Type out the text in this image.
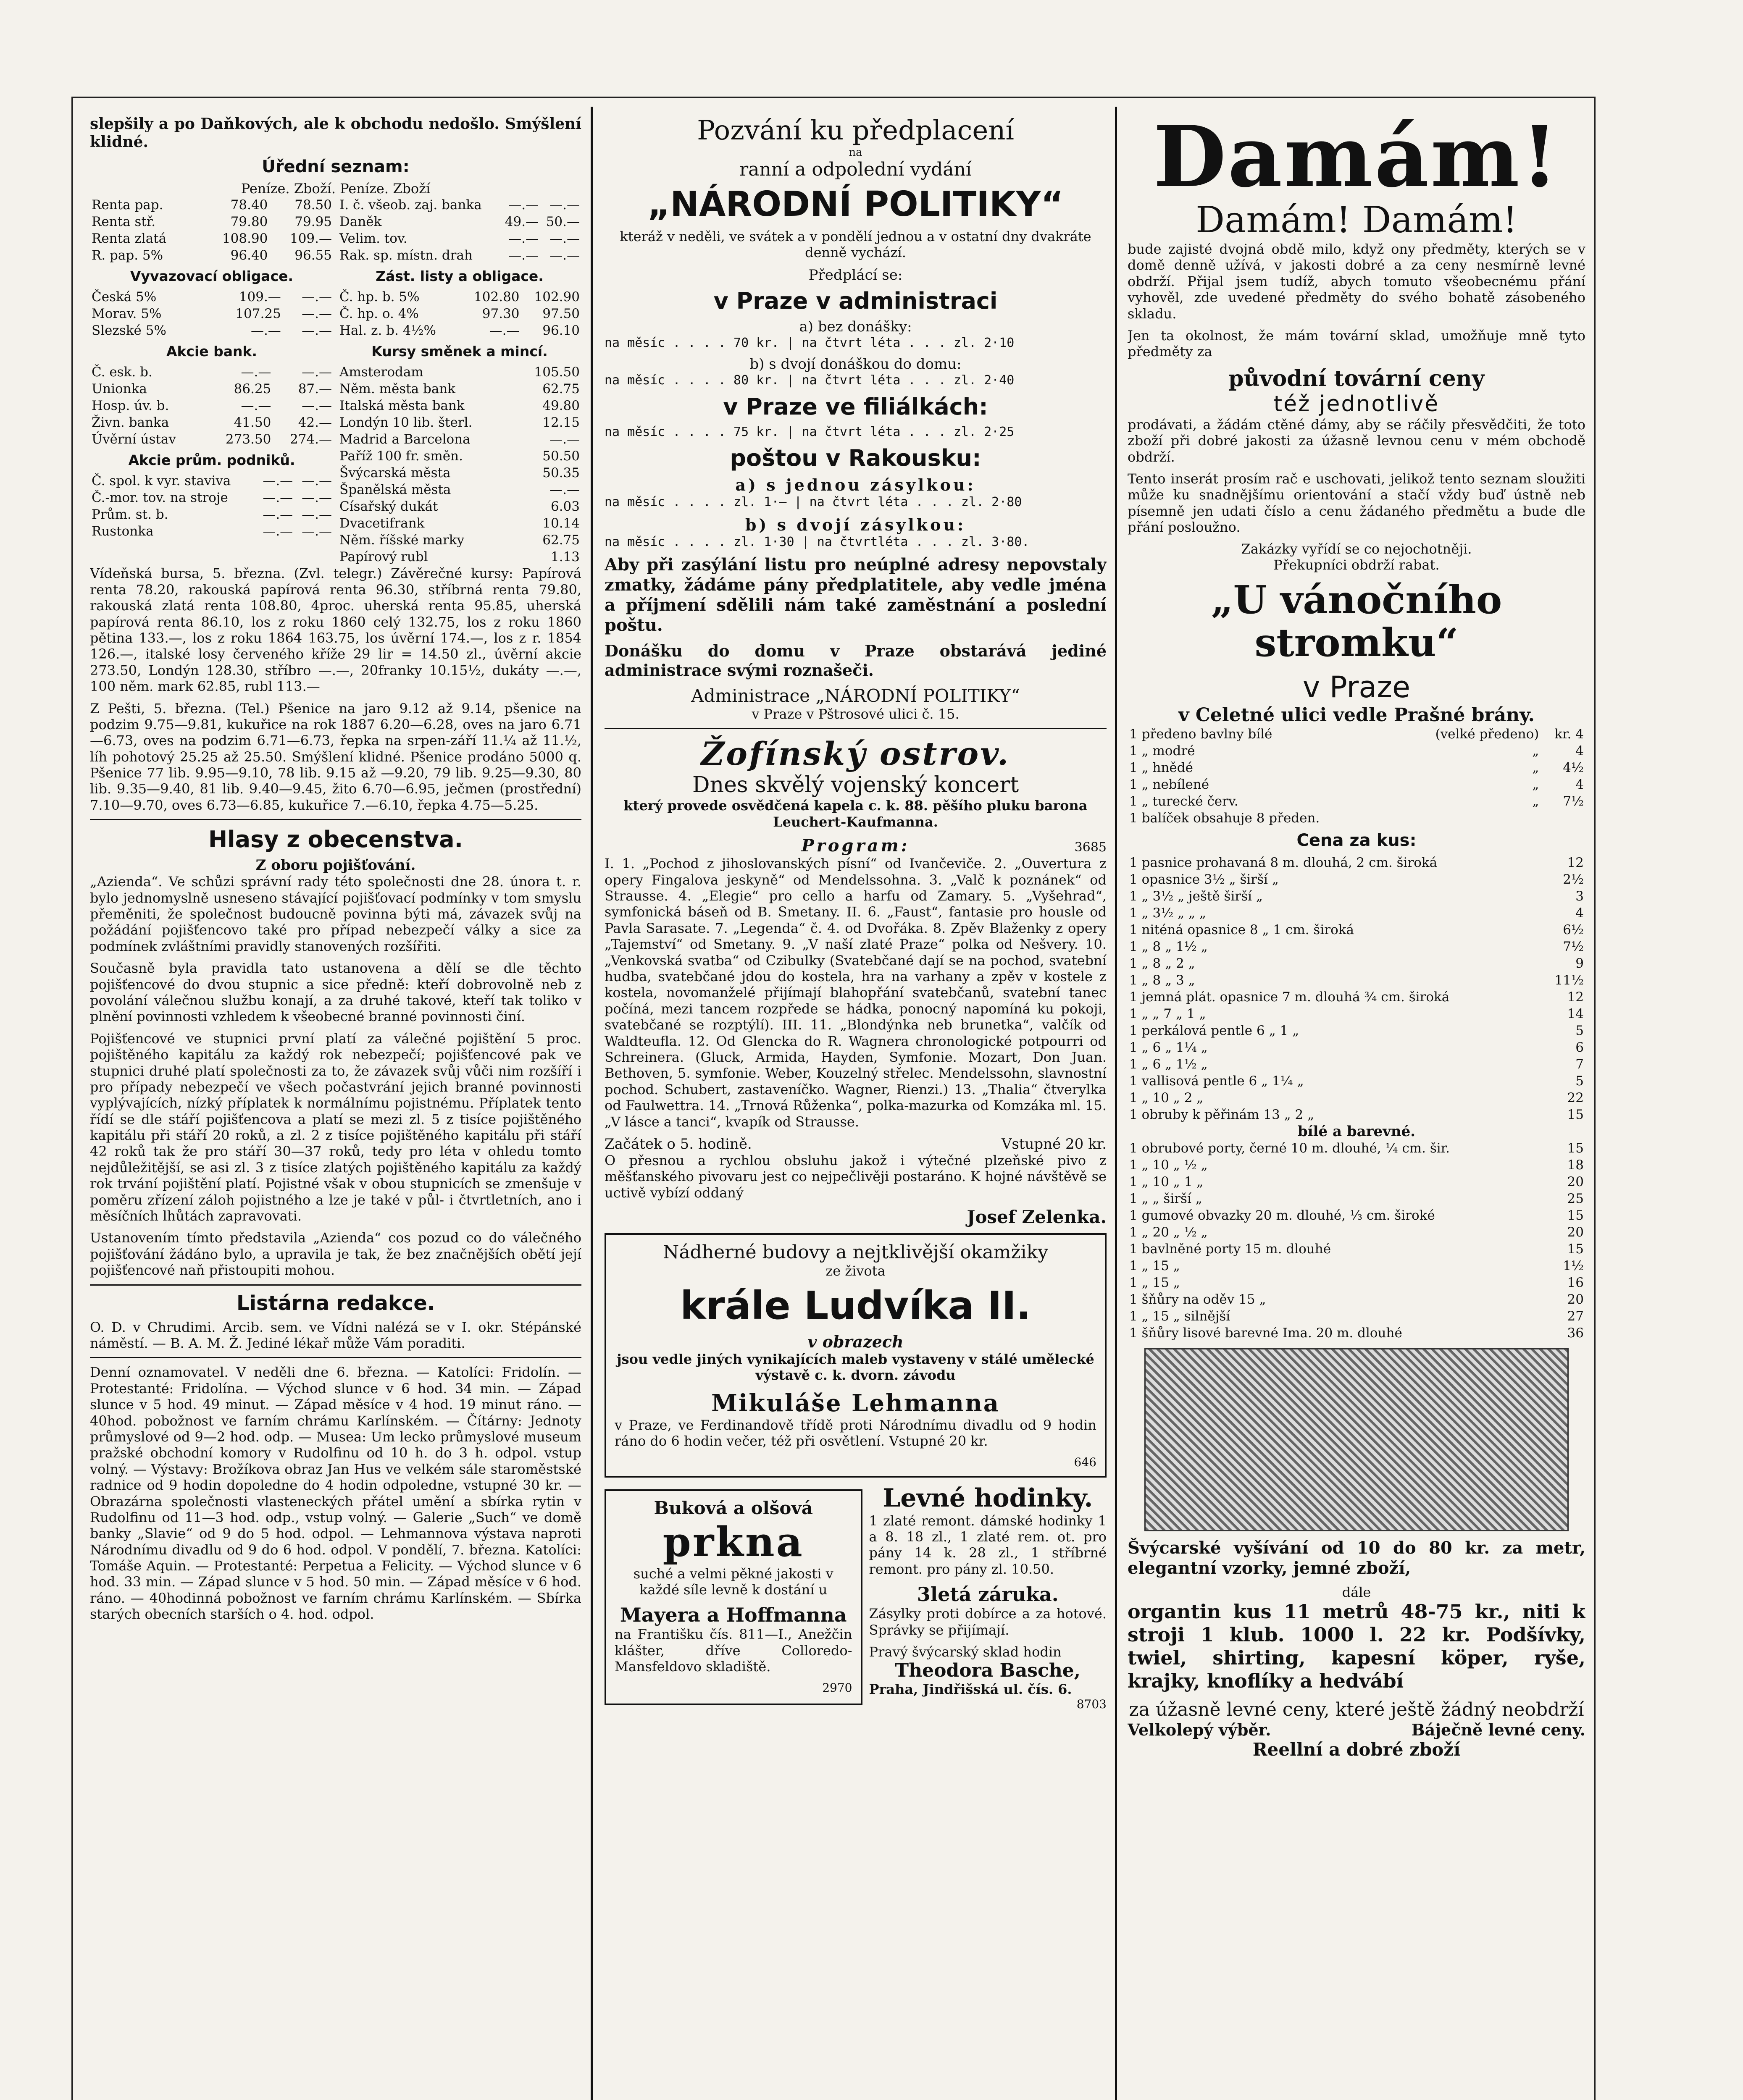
slepšily a po Daňkových, ale k obchodu nedošlo. Smýšlení klidné.

Úřední seznam:
Peníze. Zboží. Peníze. Zboží
Renta pap.	78.40	78.50
Renta stř.	79.80	79.95
Renta zlatá	108.90	109.—
R. pap. 5%	96.40	96.55
Vyvazovací obligace.
Česká 5%	109.—	—.—
Morav. 5%	107.25	—.—
Slezské 5%	—.—	—.—
Akcie bank.
Č. esk. b.	—.—	—.—
Unionka	86.25	87.—
Hosp. úv. b.	—.—	—.—
Živn. banka	41.50	42.—
Úvěrní ústav	273.50	274.—
Akcie prům. podniků.
Č. spol. k vyr. staviva	—.—	—.—
Č.-mor. tov. na stroje	—.—	—.—
Prům. st. b.	—.—	—.—
Rustonka	—.—	—.—
I. č. všeob. zaj. banka	—.—	—.—
Daněk	49.—	50.—
Velim. tov.	—.—	—.—
Rak. sp. místn. drah	—.—	—.—
Zást. listy a obligace.
Č. hp. b. 5%	102.80	102.90
Č. hp. o. 4%	97.30	97.50
Hal. z. b. 4½%	—.—	96.10
Kursy směnek a mincí.
Amsterodam	105.50
Něm. města bank	62.75
Italská města bank	49.80
Londýn 10 lib. šterl.	12.15
Madrid a Barcelona	—.—
Paříž 100 fr. směn.	50.50
Švýcarská města	50.35
Španělská města	—.—
Císařský dukát	6.03
Dvacetifrank	10.14
Něm. říšské marky	62.75
Papírový rubl	1.13

Vídeňská bursa, 5. března. (Zvl. telegr.) Závěrečné kursy: Papírová renta 78.20, rakouská papírová renta 96.30, stříbrná renta 79.80, rakouská zlatá renta 108.80, 4proc. uherská renta 95.85, uherská papírová renta 86.10, los z roku 1860 celý 132.75, los z roku 1860 pětina 133.—, los z roku 1864 163.75, los úvěrní 174.—, los z r. 1854 126.—, italské losy červeného kříže 29 lir = 14.50 zl., úvěrní akcie 273.50, Londýn 128.30, stříbro —.—, 20franky 10.15½, dukáty —.—, 100 něm. mark 62.85, rubl 113.—

Z Pešti, 5. března. (Tel.) Pšenice na jaro 9.12 až 9.14, pšenice na podzim 9.75—9.81, kukuřice na rok 1887 6.20—6.28, oves na jaro 6.71—6.73, oves na podzim 6.71—6.73, řepka na srpen-září 11.¼ až 11.½, líh pohotový 25.25 až 25.50. Smýšlení klidné. Pšenice prodáno 5000 q. Pšenice 77 lib. 9.95—9.10, 78 lib. 9.15 až —9.20, 79 lib. 9.25—9.30, 80 lib. 9.35—9.40, 81 lib. 9.40—9.45, žito 6.70—6.95, ječmen (prostřední) 7.10—9.70, oves 6.73—6.85, kukuřice 7.—6.10, řepka 4.75—5.25.

Hlasy z obecenstva.
Z oboru pojišťování.

„Azienda“. Ve schůzi správní rady této společnosti dne 28. února t. r. bylo jednomyslně usneseno stávající pojišťovací podmínky v tom smyslu přeměniti, že společnost budoucně povinna býti má, závazek svůj na požádání pojišťencovo také pro případ nebezpečí války a sice za podmínek zvláštními pravidly stanovených rozšířiti.

Současně byla pravidla tato ustanovena a dělí se dle těchto pojišťencové do dvou stupnic a sice předně: kteří dobrovolně neb z povolání válečnou službu konají, a za druhé takové, kteří tak toliko v plnění povinnosti vzhledem k všeobecné branné povinnosti činí.

Pojišťencové ve stupnici první platí za válečné pojištění 5 proc. pojištěného kapitálu za každý rok nebezpečí; pojišťencové pak ve stupnici druhé platí společnosti za to, že závazek svůj vůči nim rozšíří i pro případy nebezpečí ve všech počastvrání jejich branné povinnosti vyplývajících, nízký příplatek k normálnímu pojistnému. Příplatek tento řídí se dle stáří pojišťencova a platí se mezi zl. 5 z tisíce pojištěného kapitálu při stáří 20 roků, a zl. 2 z tisíce pojištěného kapitálu při stáří 42 roků tak že pro stáří 30—37 roků, tedy pro léta v ohledu tomto nejdůležitější, se asi zl. 3 z tisíce zlatých pojištěného kapitálu za každý rok trvání pojištění platí. Pojistné však v obou stupnicích se zmenšuje v poměru zřízení záloh pojistného a lze je také v půl- i čtvrtletních, ano i měsíčních lhůtách zapravovati.

Ustanovením tímto představila „Azienda“ cos pozud co do válečného pojišťování žádáno bylo, a upravila je tak, že bez značnějších obětí její pojišťencové naň přistoupiti mohou.

Listárna redakce.

O. D. v Chrudimi. Arcib. sem. ve Vídni nalézá se v I. okr. Stépánské náměstí. — B. A. M. Ž. Jediné lékař může Vám poraditi.

Denní oznamovatel. V neděli dne 6. března. — Katolíci: Fridolín. — Protestanté: Fridolína. — Východ slunce v 6 hod. 34 min. — Západ slunce v 5 hod. 49 minut. — Západ měsíce v 4 hod. 19 minut ráno. — 40hod. pobožnost ve farním chrámu Karlínském. — Čítárny: Jednoty průmyslové od 9—2 hod. odp. — Musea: Um lecko průmyslové museum pražské obchodní komory v Rudolfinu od 10 h. do 3 h. odpol. vstup volný. — Výstavy: Brožíkova obraz Jan Hus ve velkém sále staroměstské radnice od 9 hodin dopoledne do 4 hodin odpoledne, vstupné 30 kr. — Obrazárna společnosti vlasteneckých přátel umění a sbírka rytin v Rudolfinu od 11—3 hod. odp., vstup volný. — Galerie „Such“ ve domě banky „Slavie“ od 9 do 5 hod. odpol. — Lehmannova výstava naproti Národnímu divadlu od 9 do 6 hod. odpol. V pondělí, 7. března. Katolíci: Tomáše Aquin. — Protestanté: Perpetua a Felicity. — Východ slunce v 6 hod. 33 min. — Západ slunce v 5 hod. 50 min. — Západ měsíce v 6 hod. ráno. — 40hodinná pobožnost ve farním chrámu Karlínském. — Sbírka starých obecních starších o 4. hod. odpol.

Pozvání ku předplacení
na
ranní a odpolední vydání
„NÁRODNÍ POLITIKY“

kteráž v neděli, ve svátek a v pondělí jednou a v ostatní dny dvakráte denně vychází.

Předplácí se:
v Praze v administraci
a) bez donášky:
na měsíc . . . . 70 kr. | na čtvrt léta . . . zl. 2·10
b) s dvojí donáškou do domu:
na měsíc . . . . 80 kr. | na čtvrt léta . . . zl. 2·40
v Praze ve filiálkách:
na měsíc . . . . 75 kr. | na čtvrt léta . . . zl. 2·25
poštou v Rakousku:
a) s jednou zásylkou:
na měsíc . . . . zl. 1·— | na čtvrt léta . . . zl. 2·80
b) s dvojí zásylkou:
na měsíc . . . . zl. 1·30 | na čtvrtléta . . . zl. 3·80.

Aby při zasýlání listu pro neúplné adresy nepovstaly zmatky, žádáme pány předplatitele, aby vedle jména a příjmení sdělili nám také zaměstnání a poslední poštu.

Donášku do domu v Praze obstarává jediné administrace svými roznašeči.

Administrace „NÁRODNÍ POLITIKY“
v Praze v Pštrosové ulici č. 15.
Žofínský ostrov.
Dnes skvělý vojenský koncert

který provede osvědčená kapela c. k. 88. pěšího pluku barona Leuchert-Kaufmanna.

Program:	3685

I. 1. „Pochod z jihoslovanských písní“ od Ivančeviče. 2. „Ouvertura z opery Fingalova jeskyně“ od Mendelssohna. 3. „Valč k poznánek“ od Strausse. 4. „Elegie“ pro cello a harfu od Zamary. 5. „Vyšehrad“, symfonická báseň od B. Smetany. II. 6. „Faust“, fantasie pro housle od Pavla Sarasate. 7. „Legenda“ č. 4. od Dvořáka. 8. Zpěv Blaženky z opery „Tajemství“ od Smetany. 9. „V naší zlaté Praze“ polka od Nešvery. 10. „Venkovská svatba“ od Czibulky (Svatebčané dají se na pochod, svatební hudba, svatebčané jdou do kostela, hra na varhany a zpěv v kostele z kostela, novomanželé přijímají blahopřání svatebčanů, svatební tanec počíná, mezi tancem rozpřede se hádka, ponocný napomíná ku pokoji, svatebčané se rozptýlí). III. 11. „Blondýnka neb brunetka“, valčík od Waldteufla. 12. Od Glencka do R. Wagnera chronologické potpourri od Schreinera. (Gluck, Armida, Hayden, Symfonie. Mozart, Don Juan. Bethoven, 5. symfonie. Weber, Kouzelný střelec. Mendelssohn, slavnostní pochod. Schubert, zastaveníčko. Wagner, Rienzi.) 13. „Thalia“ čtverylka od Faulwettra. 14. „Trnová Růženka“, polka-mazurka od Komzáka ml. 15. „V lásce a tanci“, kvapík od Strausse.

Začátek o 5. hodině.	Vstupné 20 kr.

O přesnou a rychlou obsluhu jakož i výtečné plzeňské pivo z měšťanského pivovaru jest co nejpečlivěji postaráno. K hojné návštěvě se uctivě vybízí oddaný

Josef Zelenka.
Nádherné budovy a nejtklivější okamžiky
ze života
krále Ludvíka II.
v obrazech

jsou vedle jiných vynikajících maleb vystaveny v stálé umělecké výstavě c. k. dvorn. závodu

Mikuláše Lehmanna

v Praze, ve Ferdinandově třídě proti Národnímu divadlu od 9 hodin ráno do 6 hodin večer, též při osvětlení. Vstupné 20 kr.

646
Buková a olšová
prkna

suché a velmi pěkné jakosti v každé síle levně k dostání u

Mayera a Hoffmanna

na Františku čís. 811—I., Anežčin klášter, dříve Colloredo-Mansfeldovo skladiště.

2970
Levné hodinky.

1 zlaté remont. dámské hodinky 1 a 8. 18 zl., 1 zlaté rem. ot. pro pány 14 k. 28 zl., 1 stříbrné remont. pro pány zl. 10.50.

3letá záruka.

Zásylky proti dobírce a za hotové. Správky se přijímají.

Pravý švýcarský sklad hodin
Theodora Basche,
Praha, Jindřišská ul. čís. 6.
8703
Damám!
Damám! Damám!

bude zajisté dvojná obdě milo, když ony předměty, kterých se v domě denně užívá, v jakosti dobré a za ceny nesmírně levné obdrží. Přijal jsem tudíž, abych tomuto všeobecnému přání vyhověl, zde uvedené předměty do svého bohatě zásobeného skladu.

Jen ta okolnost, že mám tovární sklad, umožňuje mně tyto předměty za

původní tovární ceny
též jednotlivě

prodávati, a žádám ctěné dámy, aby se ráčily přesvědčiti, že toto zboží při dobré jakosti za úžasně levnou cenu v mém obchodě obdrží.

Tento inserát prosím rač e uschovati, jelikož tento seznam sloužiti může ku snadnějšímu orientování a stačí vždy buď ústně neb písemně jen udati číslo a cenu žádaného předmětu a bude dle přání posloužno.

Zakázky vyřídí se co nejochotněji.
Překupníci obdrží rabat.
„U vánočního stromku“
v Praze
v Celetné ulici vedle Prašné brány.
1 předeno bavlny bílé	(velké předeno)	kr. 4
1 „ modré	„	4
1 „ hnědé	„	4½
1 „ nebílené	„	4
1 „ turecké červ.	„	7½
1 balíček obsahuje 8 předen.		
Cena za kus:
1 pasnice prohavaná 8 m. dlouhá, 2 cm. široká	12
1 opasnice 3½ „ širší „	2½
1 „ 3½ „ ještě širší „	3
1 „ 3½ „ „ „	4
1 niténá opasnice 8 „ 1 cm. široká	6½
1 „ 8 „ 1½ „	7½
1 „ 8 „ 2 „	9
1 „ 8 „ 3 „	11½
1 jemná plát. opasnice 7 m. dlouhá ¾ cm. široká	12
1 „ „ 7 „ 1 „	14
1 perkálová pentle 6 „ 1 „	5
1 „ 6 „ 1¼ „	6
1 „ 6 „ 1½ „	7
1 vallisová pentle 6 „ 1¼ „	5
1 „ 10 „ 2 „	22
1 obruby k pěřinám 13 „ 2 „	15
bílé a barevné.
1 obrubové porty, černé 10 m. dlouhé, ¼ cm. šir.	15
1 „ 10 „ ½ „	18
1 „ 10 „ 1 „	20
1 „ „ širší „	25
1 gumové obvazky 20 m. dlouhé, ⅓ cm. široké	15
1 „ 20 „ ½ „	20
1 bavlněné porty 15 m. dlouhé	15
1 „ 15 „	1½
1 „ 15 „	16
1 šňůry na oděv 15 „	20
1 „ 15 „ silnější	27
1 šňůry lisové barevné Ima. 20 m. dlouhé	36

Švýcarské vyšívání od 10 do 80 kr. za metr, elegantní vzorky, jemné zboží,

dále

organtin kus 11 metrů 48-75 kr., niti k stroji 1 klub. 1000 l. 22 kr. Podšívky, twiel, shirting, kapesní köper, ryše, krajky, knoflíky a hedvábí

za úžasně levné ceny, které ještě žádný neobdrží
Velkolepý výběr.	Báječně levné ceny.
Reellní a dobré zboží
